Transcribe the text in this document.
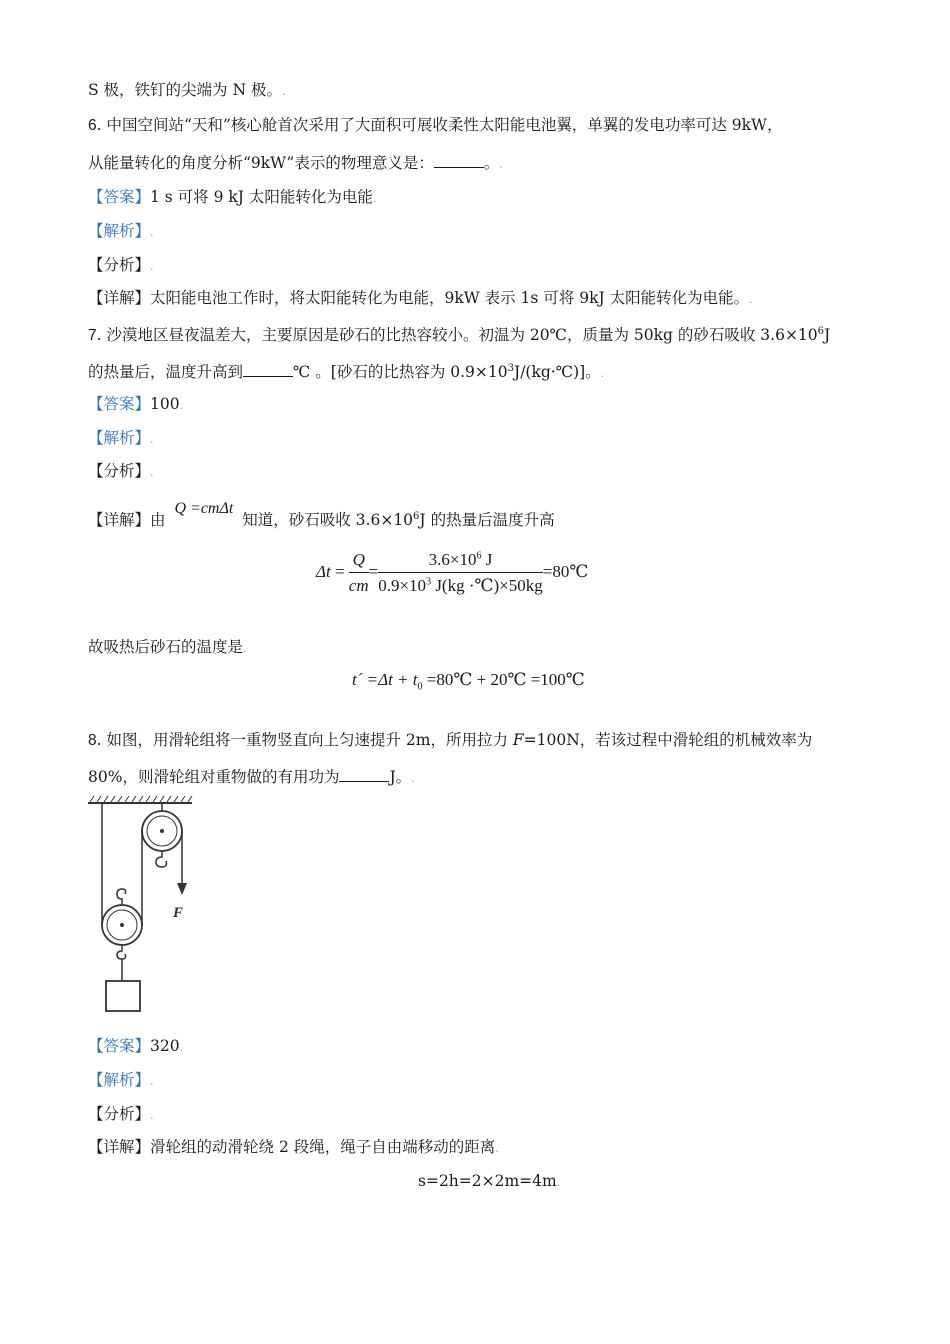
S 极，铁钉的尖端为 N 极。.
6. 中国空间站“天和”核心舱首次采用了大面积可展收柔性太阳能电池翼，单翼的发电功率可达 9kW，
从能量转化的角度分析“9kW”表示的物理意义是：	。.
【答案】1 s 可将 9 kJ 太阳能转化为电能.
【解析】.
【分析】.
【详解】太阳能电池工作时，将太阳能转化为电能，9kW 表示 1s 可将 9kJ 太阳能转化为电能。.
7. 沙漠地区昼夜温差大，主要原因是砂石的比热容较小。初温为 20℃，质量为 50kg 的砂石吸收 $3.6\times 10^6J$
的热量后，温度升高到	℃ 。[砂石的比热容为 $0.9\times 10^3J/(kg\cdot℃)$]。.
【答案】100.
【解析】.
【分析】.
【详解】由 Q =cmΔt 知道，砂石吸收 $3.6\times 10^6J$ 的热量后温度升高
$\Delta t = \frac{Q}{cm} = \frac{3.6\times 10^6 J}{0.9\times 10^3 J(kg \cdot℃)\times 50kg}$ =80℃
故吸热后砂石的温度是.
t´ $=\Delta t + t_0$ =80℃ + 20℃ =100℃
8. 如图，用滑轮组将一重物竖直向上匀速提升 2m，所用拉力 F=100N，若该过程中滑轮组的机械效率为
80%，则滑轮组对重物做的有用功为	J。.
F
【答案】320.
【解析】.
【分析】.
【详解】滑轮组的动滑轮绕 2 段绳，绳子自由端移动的距离.
s=2h=2×2m=4m.
